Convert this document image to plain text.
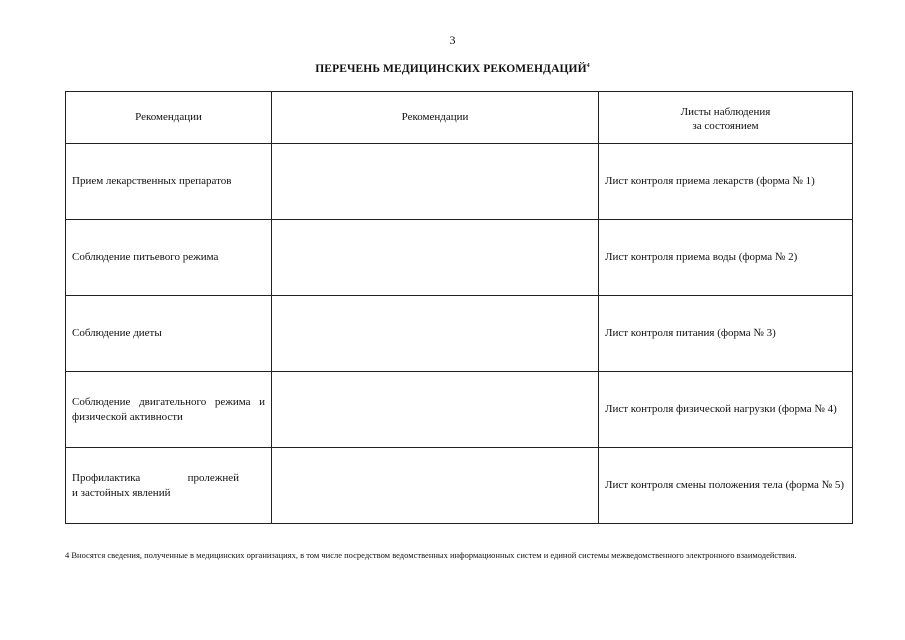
3
ПЕРЕЧЕНЬ МЕДИЦИНСКИХ РЕКОМЕНДАЦИЙ$^4$
Рекомендации	Рекомендации	Листы наблюдения
за состоянием
Прием лекарственных препаратов		Лист контроля приема лекарств (форма № 1)
Соблюдение питьевого режима		Лист контроля приема воды (форма № 2)
Соблюдение диеты		Лист контроля питания (форма № 3)
Соблюдение двигательного режима и физической активности		Лист контроля физической нагрузки (форма № 4)

Профилактика пролежней
и застойных явлений		Лист контроля смены положения тела (форма № 5)
4 Вносятся сведения, полученные в медицинских организациях, в том числе посредством ведомственных информационных систем и единой системы межведомственного электронного взаимодействия.
